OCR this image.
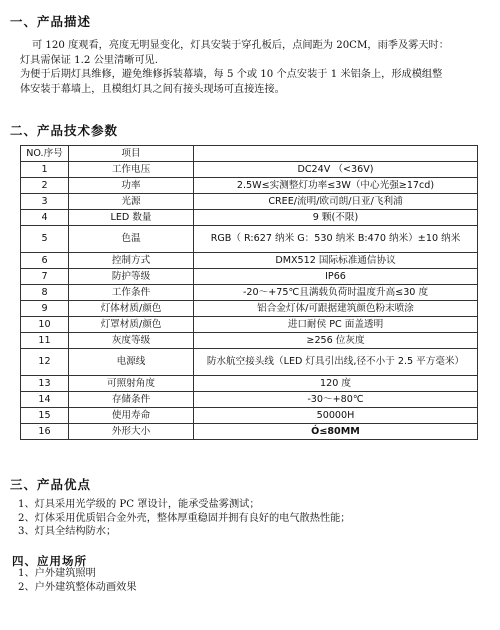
一、产品描述
可 120 度观看，亮度无明显变化，灯具安装于穿孔板后，点间距为 20CM，雨季及雾天时：
灯具需保证 1.2 公里清晰可见.
为便于后期灯具维修，避免维修拆装幕墙，每 5 个或 10 个点安装于 1 米铝条上，形成模组整
体安装于幕墙上，且模组灯具之间有接头现场可直接连接。
二、产品技术参数
NO.序号	项目	
1	工作电压	DC24V （<36V)
2	功率	2.5W≤实测整灯功率≤3W（中心光强≥17cd)
3	光源	CREE/流明/欧司朗/日亚/飞利浦
4	LED 数量	9 颗(不限)
5	色温	RGB（ R:627 纳米 G：530 纳米 B:470 纳米）±10 纳米
6	控制方式	DMX512 国际标准通信协议
7	防护等级	IP66
8	工作条件	-20～+75℃且满载负荷时温度升高≤30 度
9	灯体材质/颜色	铝合金灯体/可跟据建筑颜色粉末喷涂
10	灯罩材质/颜色	进口耐侯 PC 面盖透明
11	灰度等级	≥256 位灰度
12	电源线	防水航空接头线（LED 灯具引出线,径不小于 2.5 平方毫米）
13	可照射角度	120 度
14	存储条件	-30～+80℃
15	使用寿命	50000H
16	外形大小	Ó≤80MM
三、产品优点
1、灯具采用光学级的 PC 罩设计，能承受盐雾测试；
2、灯体采用优质铝合金外壳，整体厚重稳固并拥有良好的电气散热性能；
3、灯具全结构防水；
四、应用场所
1、户外建筑照明
2、户外建筑整体动画效果
